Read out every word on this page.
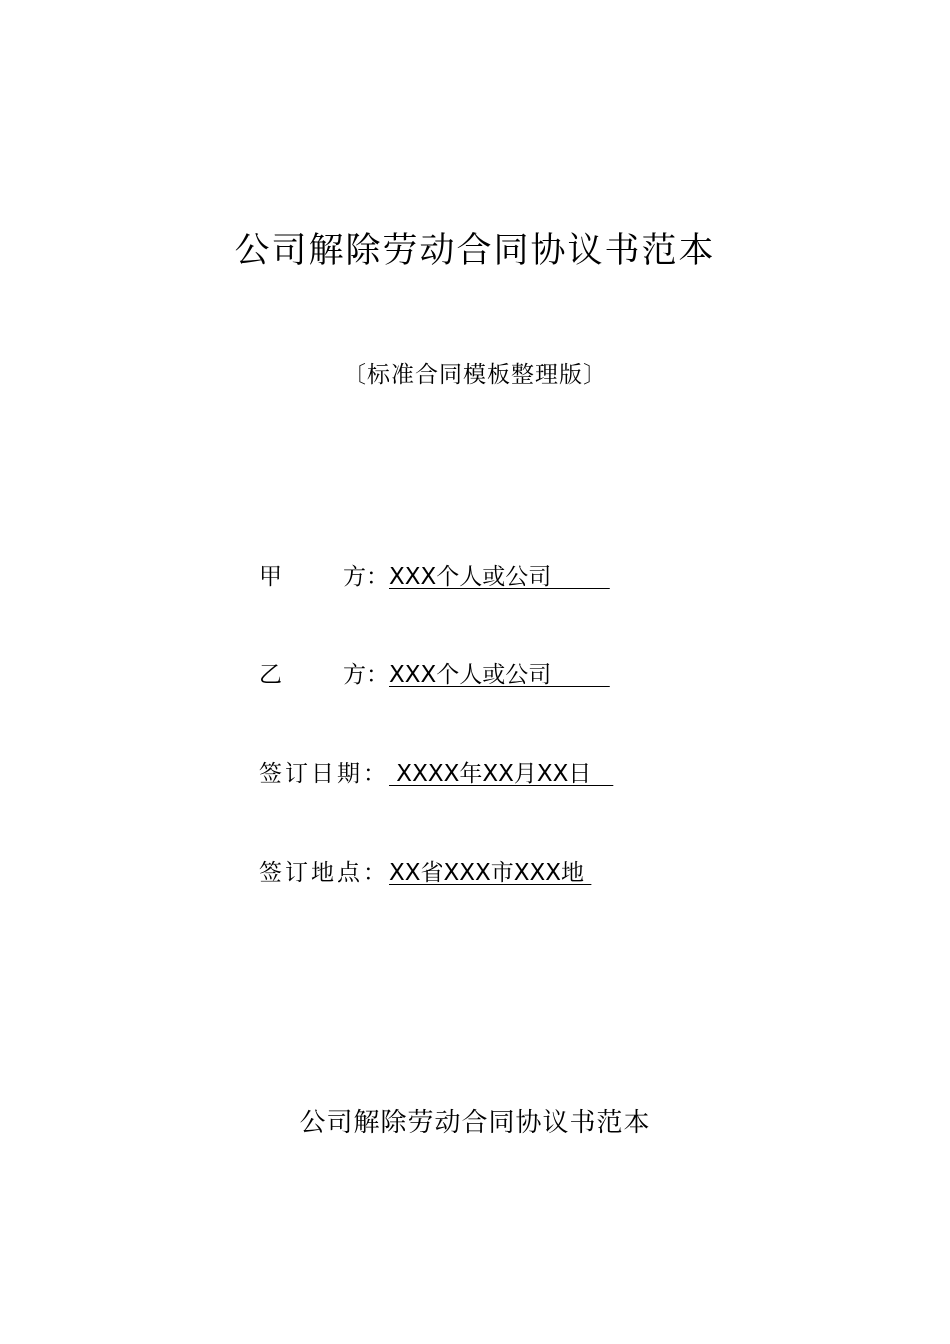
公司解除劳动合同协议书范本
〔标准合同模板整理版〕
甲	方： XXX个人或公司
乙	方： XXX个人或公司
签订日期： XXXX年XX月XX日
签订地点： XX省XXX市XXX地
公司解除劳动合同协议书范本
